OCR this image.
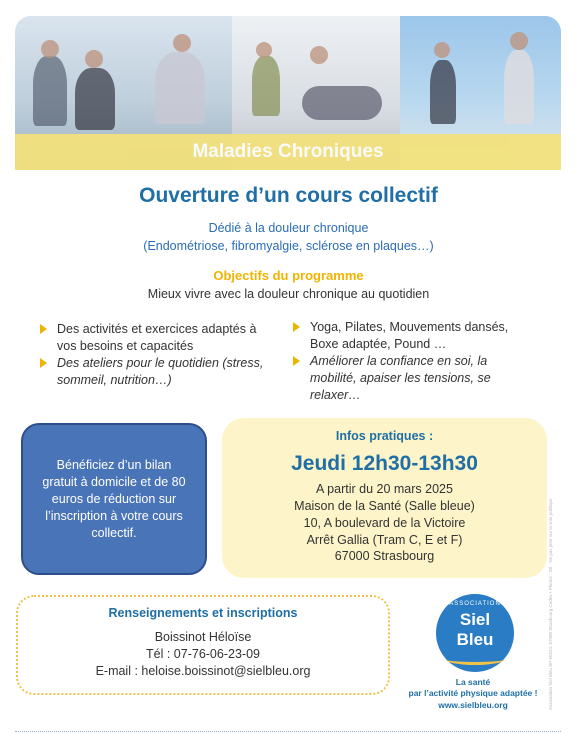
Maladies Chroniques
Ouverture d’un cours collectif
Dédié à la douleur chronique
(Endométriose, fibromyalgie, sclérose en plaques…)
Objectifs du programme
Mieux vivre avec la douleur chronique au quotidien
Des activités et exercices adaptés à vos besoins et capacités
Des ateliers pour le quotidien (stress, sommeil, nutrition…)
Yoga, Pilates, Mouvements dansés, Boxe adaptée, Pound …
Améliorer la confiance en soi, la mobilité, apaiser les tensions, se relaxer…
Bénéficiez d’un bilan gratuit à domicile et de 80 euros de réduction sur l’inscription à votre cours collectif.
Infos pratiques :
Jeudi 12h30-13h30
A partir du 20 mars 2025
Maison de la Santé (Salle bleue)
10, A boulevard de la Victoire
Arrêt Gallia (Tram C, E et F)
67000 Strasbourg
Renseignements et inscriptions
Boissinot Héloïse
Tél : 07-76-06-23-09
E-mail : heloise.boissinot@sielbleu.org
ASSOCIATION
Siel
Bleu
La santé
par l’activité physique adaptée !
www.sielbleu.org	Association Siel Bleu BP 50224, 67000 Strasbourg Cedex • Photos : SB · Ne pas jeter sur la voie publique
